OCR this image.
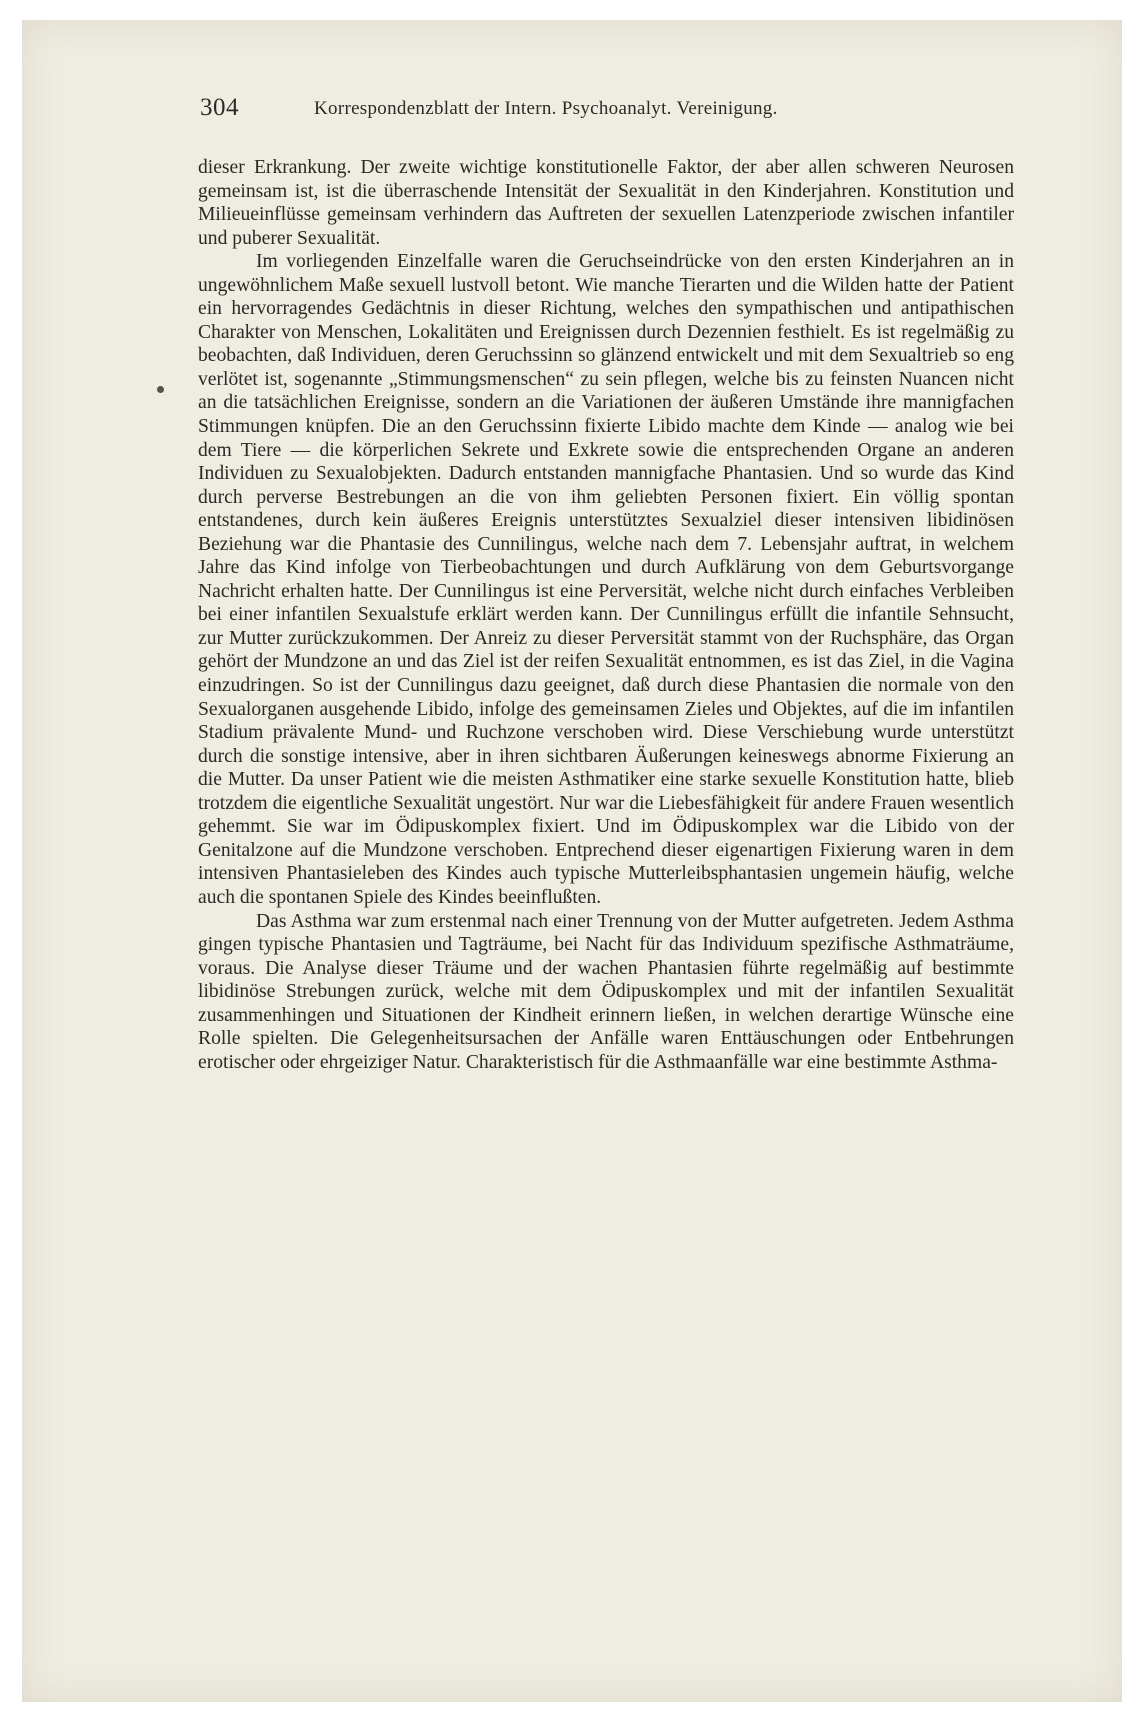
304	Korrespondenzblatt der Intern. Psychoanalyt. Vereinigung.

dieser Erkrankung. Der zweite wichtige konstitutionelle Faktor, der aber allen schweren Neurosen gemeinsam ist, ist die überraschende Intensität der Sexualität in den Kinderjahren. Konstitution und Milieueinflüsse gemeinsam verhindern das Auftreten der sexuellen Latenzperiode zwischen infantiler und puberer Sexualität.

Im vorliegenden Einzelfalle waren die Geruchseindrücke von den ersten Kinderjahren an in ungewöhnlichem Maße sexuell lustvoll betont. Wie manche Tierarten und die Wilden hatte der Patient ein hervorragendes Gedächtnis in dieser Richtung, welches den sympathischen und antipathischen Charakter von Menschen, Lokalitäten und Ereignissen durch Dezennien festhielt. Es ist regelmäßig zu beobachten, daß Individuen, deren Geruchssinn so glänzend entwickelt und mit dem Sexualtrieb so eng verlötet ist, sogenannte „Stimmungsmenschen“ zu sein pflegen, welche bis zu feinsten Nuancen nicht an die tatsächlichen Ereignisse, sondern an die Variationen der äußeren Umstände ihre mannigfachen Stimmungen knüpfen. Die an den Geruchssinn fixierte Libido machte dem Kinde — analog wie bei dem Tiere — die körperlichen Sekrete und Exkrete sowie die entsprechenden Organe an anderen Individuen zu Sexualobjekten. Dadurch entstanden mannigfache Phantasien. Und so wurde das Kind durch perverse Bestrebungen an die von ihm geliebten Personen fixiert. Ein völlig spontan entstandenes, durch kein äußeres Ereignis unterstütztes Sexualziel dieser intensiven libidinösen Beziehung war die Phantasie des Cunnilingus, welche nach dem 7. Lebensjahr auftrat, in welchem Jahre das Kind infolge von Tierbeobachtungen und durch Aufklärung von dem Geburtsvorgange Nachricht erhalten hatte. Der Cunnilingus ist eine Perversität, welche nicht durch einfaches Verbleiben bei einer infantilen Sexualstufe erklärt werden kann. Der Cunnilingus erfüllt die infantile Sehnsucht, zur Mutter zurückzukommen. Der Anreiz zu dieser Perversität stammt von der Ruchsphäre, das Organ gehört der Mundzone an und das Ziel ist der reifen Sexualität entnommen, es ist das Ziel, in die Vagina einzudringen. So ist der Cunnilingus dazu geeignet, daß durch diese Phantasien die normale von den Sexualorganen ausgehende Libido, infolge des gemeinsamen Zieles und Objektes, auf die im infantilen Stadium prävalente Mund- und Ruchzone verschoben wird. Diese Verschiebung wurde unterstützt durch die sonstige intensive, aber in ihren sichtbaren Äußerungen keineswegs abnorme Fixierung an die Mutter. Da unser Patient wie die meisten Asthmatiker eine starke sexuelle Konstitution hatte, blieb trotzdem die eigentliche Sexualität ungestört. Nur war die Liebesfähigkeit für andere Frauen wesentlich gehemmt. Sie war im Ödipuskomplex fixiert. Und im Ödipuskomplex war die Libido von der Genitalzone auf die Mundzone verschoben. Entprechend dieser eigenartigen Fixierung waren in dem intensiven Phantasieleben des Kindes auch typische Mutterleibsphantasien ungemein häufig, welche auch die spontanen Spiele des Kindes beeinflußten.

Das Asthma war zum erstenmal nach einer Trennung von der Mutter aufgetreten. Jedem Asthma gingen typische Phantasien und Tagträume, bei Nacht für das Individuum spezifische Asthmaträume, voraus. Die Analyse dieser Träume und der wachen Phantasien führte regelmäßig auf bestimmte libidinöse Strebungen zurück, welche mit dem Ödipuskomplex und mit der infantilen Sexualität zusammenhingen und Situationen der Kindheit erinnern ließen, in welchen derartige Wünsche eine Rolle spielten. Die Gelegenheitsursachen der Anfälle waren Enttäuschungen oder Entbehrungen erotischer oder ehrgeiziger Natur. Charakteristisch für die Asthmaanfälle war eine bestimmte Asthma-
